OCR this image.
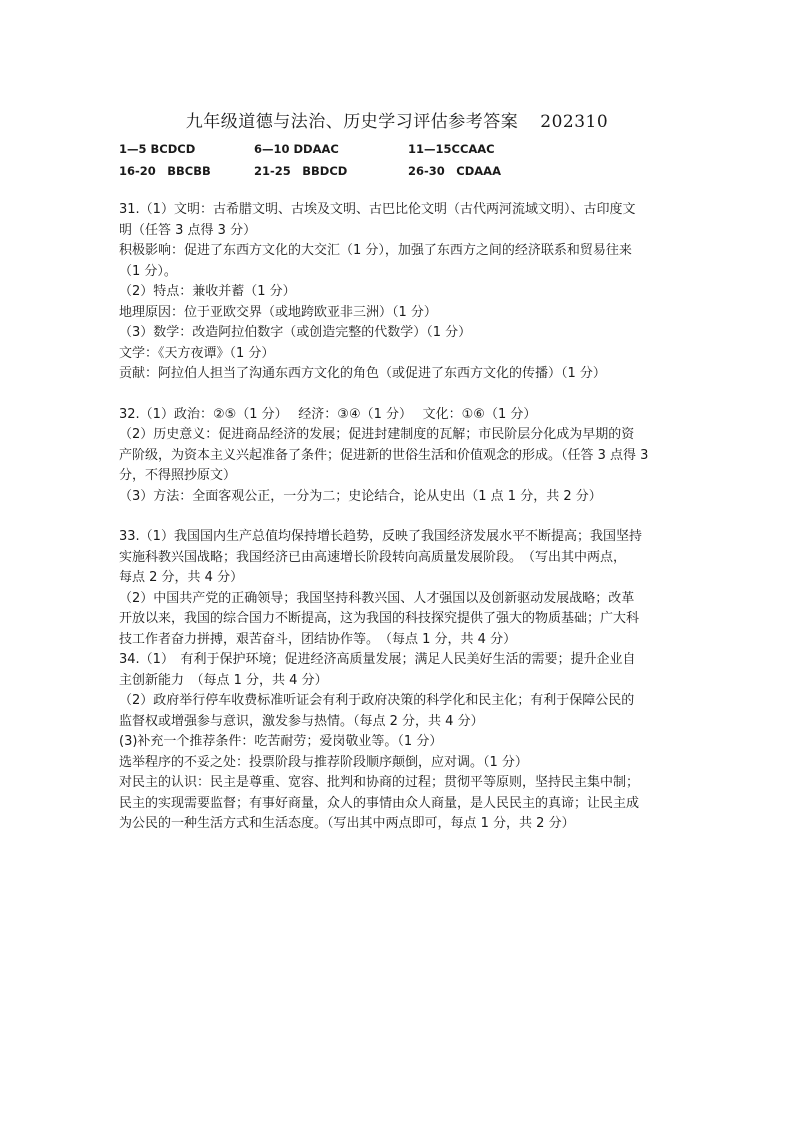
九年级道德与法治、历史学习评估参考答案 202310
1—5 BCDCD	6—10 DDAAC	11—15CCAAC
16-20　BBCBB	21-25　BBDCD	26-30　CDAAA

31.（1）文明：古希腊文明、古埃及文明、古巴比伦文明（古代两河流域文明）、古印度文

明（任答 3 点得 3 分）

积极影响：促进了东西方文化的大交汇（1 分），加强了东西方之间的经济联系和贸易往来

（1 分）。

（2）特点：兼收并蓄（1 分）

地理原因：位于亚欧交界（或地跨欧亚非三洲）（1 分）

（3）数学：改造阿拉伯数字（或创造完整的代数学）（1 分）

文学：《天方夜谭》（1 分）

贡献：阿拉伯人担当了沟通东西方文化的角色（或促进了东西方文化的传播）（1 分）

32.（1）政治：②⑤（1 分）　 经济：③④（1 分）　 文化：①⑥（1 分）

（2）历史意义：促进商品经济的发展；促进封建制度的瓦解；市民阶层分化成为早期的资

产阶级，为资本主义兴起准备了条件；促进新的世俗生活和价值观念的形成。（任答 3 点得 3

分，不得照抄原文）

（3）方法：全面客观公正，一分为二；史论结合，论从史出（1 点 1 分，共 2 分）

33.（1）我国国内生产总值均保持增长趋势，反映了我国经济发展水平不断提高；我国坚持

实施科教兴国战略；我国经济已由高速增长阶段转向高质量发展阶段。　（写出其中两点，

每点 2 分，共 4 分）

（2）中国共产党的正确领导；我国坚持科教兴国、人才强国以及创新驱动发展战略；改革

开放以来，我国的综合国力不断提高，这为我国的科技探究提供了强大的物质基础；广大科

技工作者奋力拼搏，艰苦奋斗，团结协作等。　（每点 1 分，共 4 分）

34.（1）　有利于保护环境；促进经济高质量发展；满足人民美好生活的需要；提升企业自

主创新能力　（每点 1 分，共 4 分）

（2）政府举行停车收费标准听证会有利于政府决策的科学化和民主化；有利于保障公民的

监督权或增强参与意识，激发参与热情。（每点 2 分，共 4 分）

(3)补充一个推荐条件：吃苦耐劳；爱岗敬业等。（1 分）

选举程序的不妥之处：投票阶段与推荐阶段顺序颠倒，应对调。（1 分）

对民主的认识：民主是尊重、宽容、批判和协商的过程；贯彻平等原则，坚持民主集中制；

民主的实现需要监督；有事好商量，众人的事情由众人商量，是人民民主的真谛；让民主成

为公民的一种生活方式和生活态度。（写出其中两点即可，每点 1 分，共 2 分）
